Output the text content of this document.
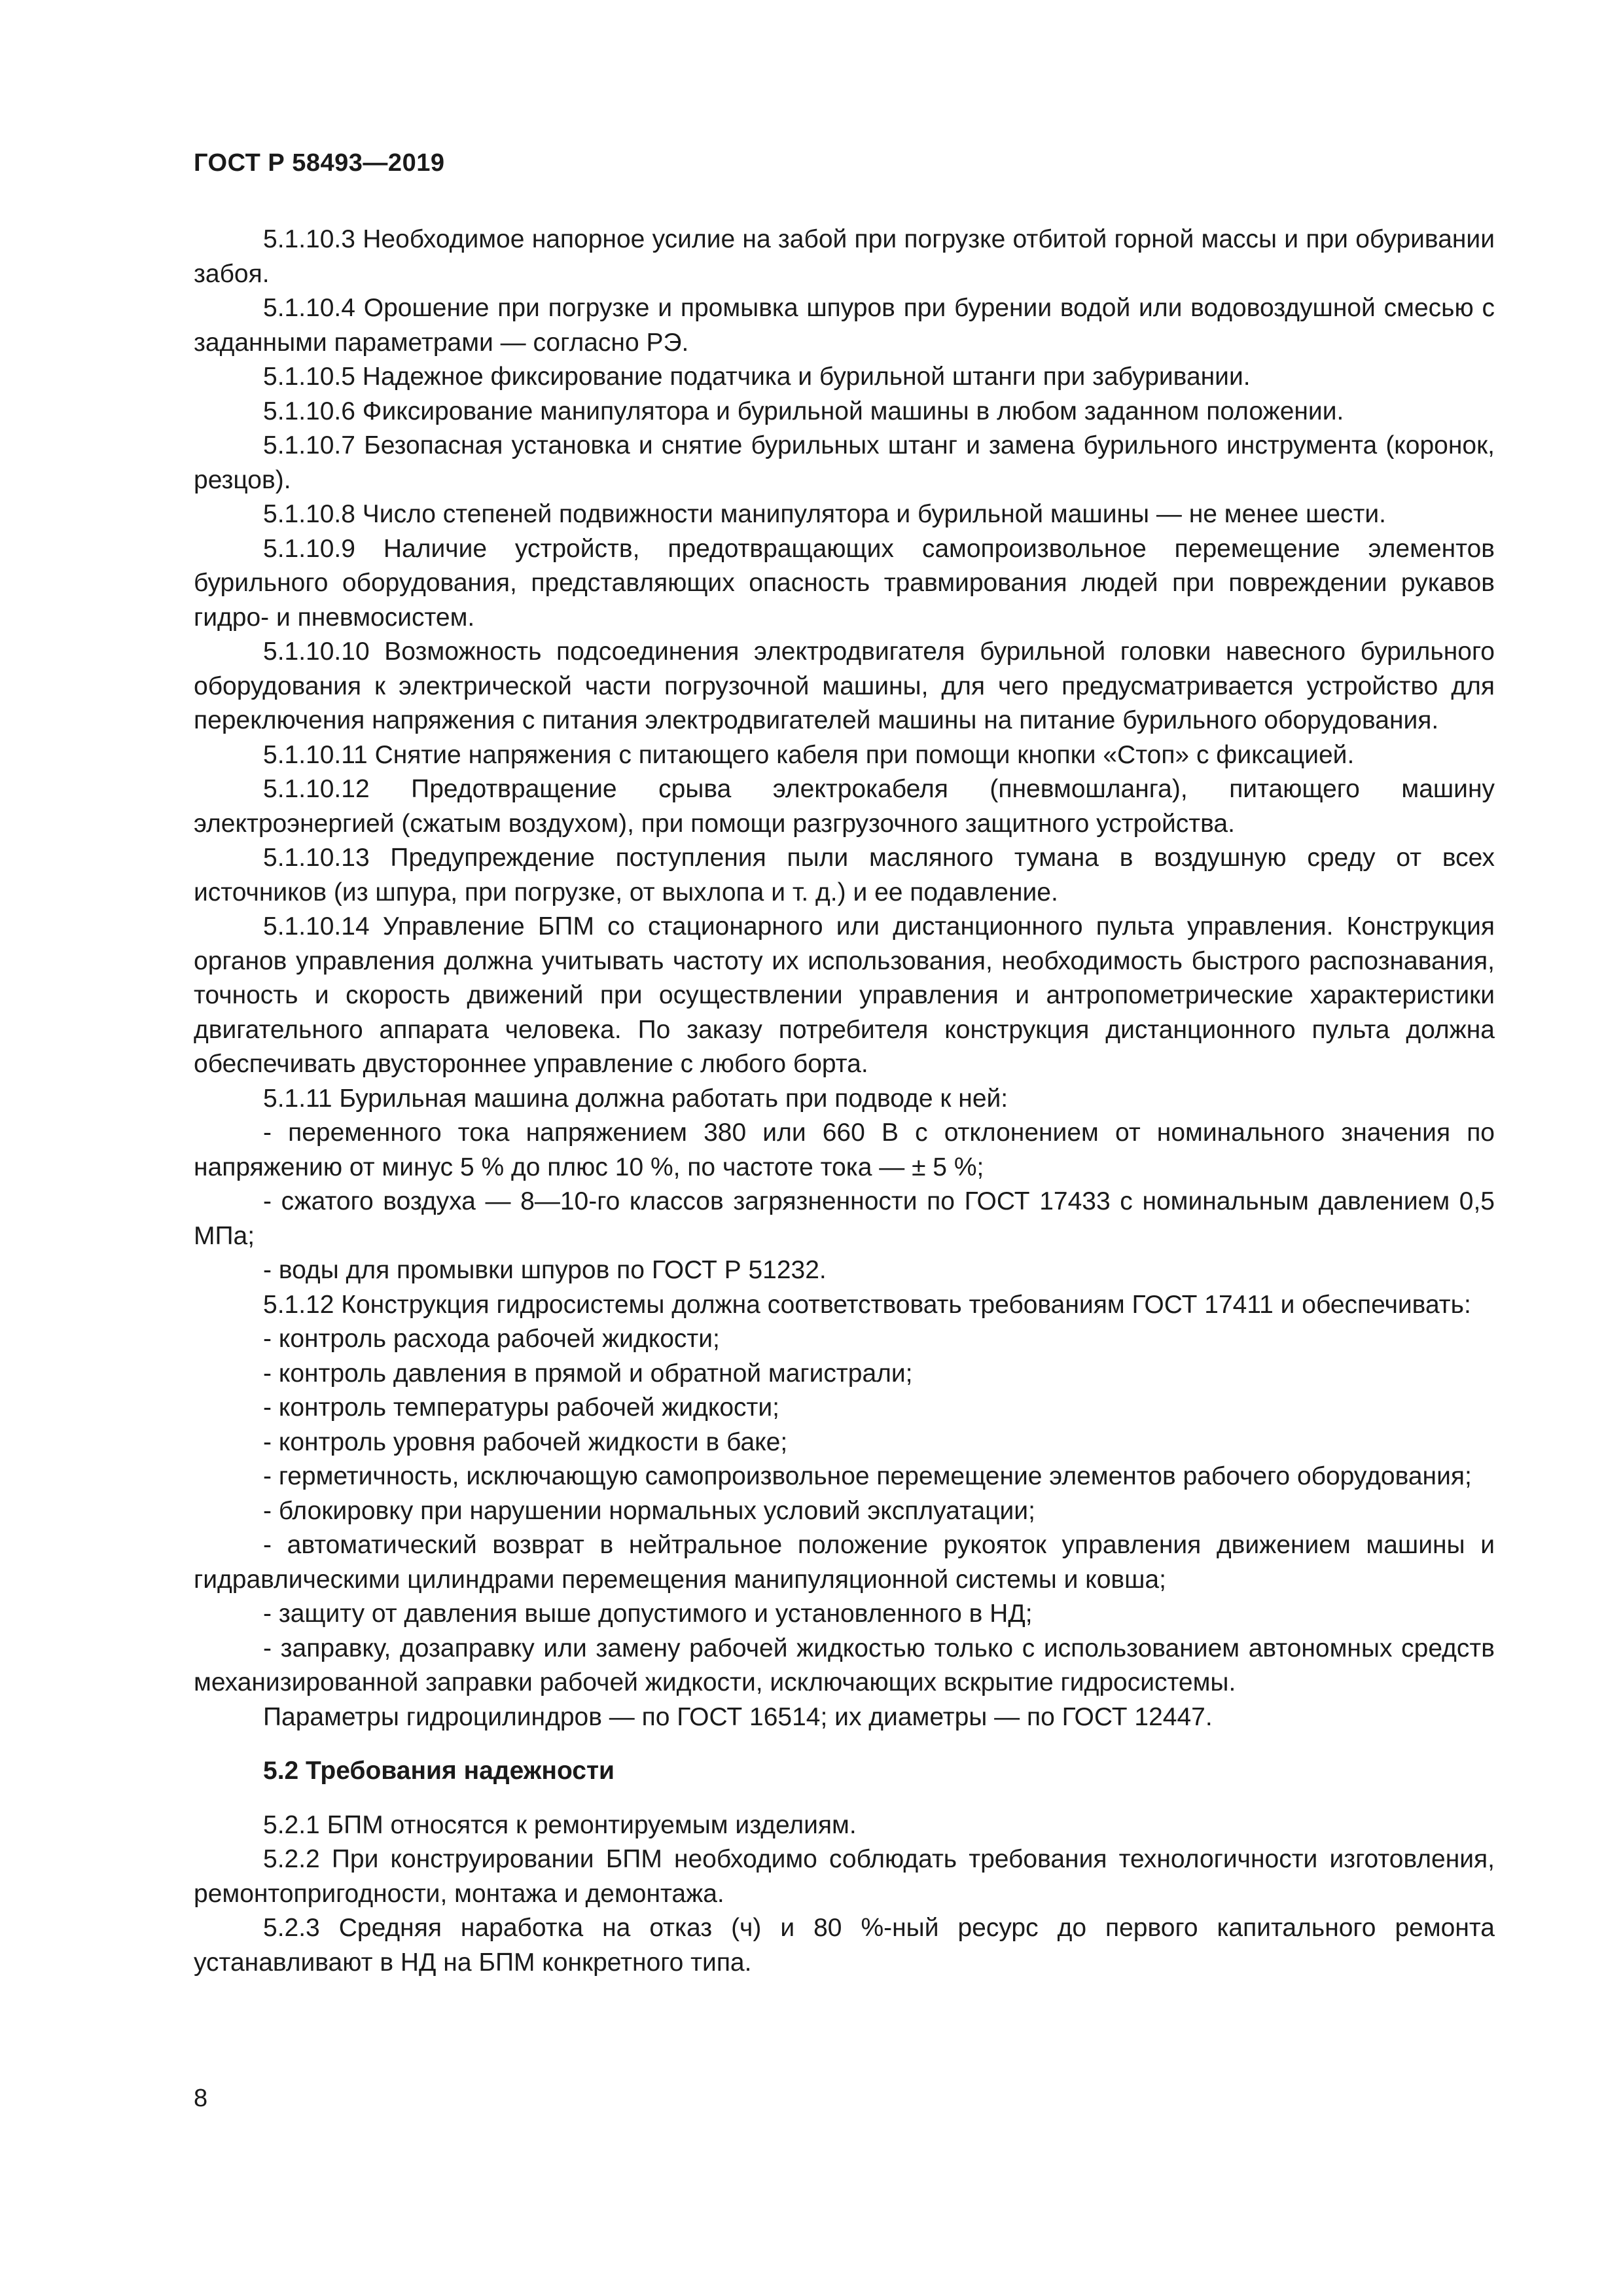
ГОСТ Р 58493—2019

5.1.10.3 Необходимое напорное усилие на забой при погрузке отбитой горной массы и при обуривании забоя.

5.1.10.4 Орошение при погрузке и промывка шпуров при бурении водой или водовоздушной смесью с заданными параметрами — согласно РЭ.

5.1.10.5 Надежное фиксирование податчика и бурильной штанги при забуривании.

5.1.10.6 Фиксирование манипулятора и бурильной машины в любом заданном положении.

5.1.10.7 Безопасная установка и снятие бурильных штанг и замена бурильного инструмента (коронок, резцов).

5.1.10.8 Число степеней подвижности манипулятора и бурильной машины — не менее шести.

5.1.10.9 Наличие устройств, предотвращающих самопроизвольное перемещение элементов бурильного оборудования, представляющих опасность травмирования людей при повреждении рукавов гидро- и пневмосистем.

5.1.10.10 Возможность подсоединения электродвигателя бурильной головки навесного бурильного оборудования к электрической части погрузочной машины, для чего предусматривается устройство для переключения напряжения с питания электродвигателей машины на питание бурильного оборудования.

5.1.10.11 Снятие напряжения с питающего кабеля при помощи кнопки «Стоп» с фиксацией.

5.1.10.12 Предотвращение срыва электрокабеля (пневмошланга), питающего машину электроэнергией (сжатым воздухом), при помощи разгрузочного защитного устройства.

5.1.10.13 Предупреждение поступления пыли масляного тумана в воздушную среду от всех источников (из шпура, при погрузке, от выхлопа и т. д.) и ее подавление.

5.1.10.14 Управление БПМ со стационарного или дистанционного пульта управления. Конструкция органов управления должна учитывать частоту их использования, необходимость быстрого распознавания, точность и скорость движений при осуществлении управления и антропометрические характеристики двигательного аппарата человека. По заказу потребителя конструкция дистанционного пульта должна обеспечивать двустороннее управление с любого борта.

5.1.11 Бурильная машина должна работать при подводе к ней:

- переменного тока напряжением 380 или 660 В с отклонением от номинального значения по напряжению от минус 5 % до плюс 10 %, по частоте тока — ± 5 %;

- сжатого воздуха — 8—10-го классов загрязненности по ГОСТ 17433 с номинальным давлением 0,5 МПа;

- воды для промывки шпуров по ГОСТ Р 51232.

5.1.12 Конструкция гидросистемы должна соответствовать требованиям ГОСТ 17411 и обеспечивать:

- контроль расхода рабочей жидкости;

- контроль давления в прямой и обратной магистрали;

- контроль температуры рабочей жидкости;

- контроль уровня рабочей жидкости в баке;

- герметичность, исключающую самопроизвольное перемещение элементов рабочего оборудования;

- блокировку при нарушении нормальных условий эксплуатации;

- автоматический возврат в нейтральное положение рукояток управления движением машины и гидравлическими цилиндрами перемещения манипуляционной системы и ковша;

- защиту от давления выше допустимого и установленного в НД;

- заправку, дозаправку или замену рабочей жидкостью только с использованием автономных средств механизированной заправки рабочей жидкости, исключающих вскрытие гидросистемы.

Параметры гидроцилиндров — по ГОСТ 16514; их диаметры — по ГОСТ 12447.

5.2 Требования надежности

5.2.1 БПМ относятся к ремонтируемым изделиям.

5.2.2 При конструировании БПМ необходимо соблюдать требования технологичности изготовления, ремонтопригодности, монтажа и демонтажа.

5.2.3 Средняя наработка на отказ (ч) и 80 %-ный ресурс до первого капитального ремонта устанавливают в НД на БПМ конкретного типа.

8
